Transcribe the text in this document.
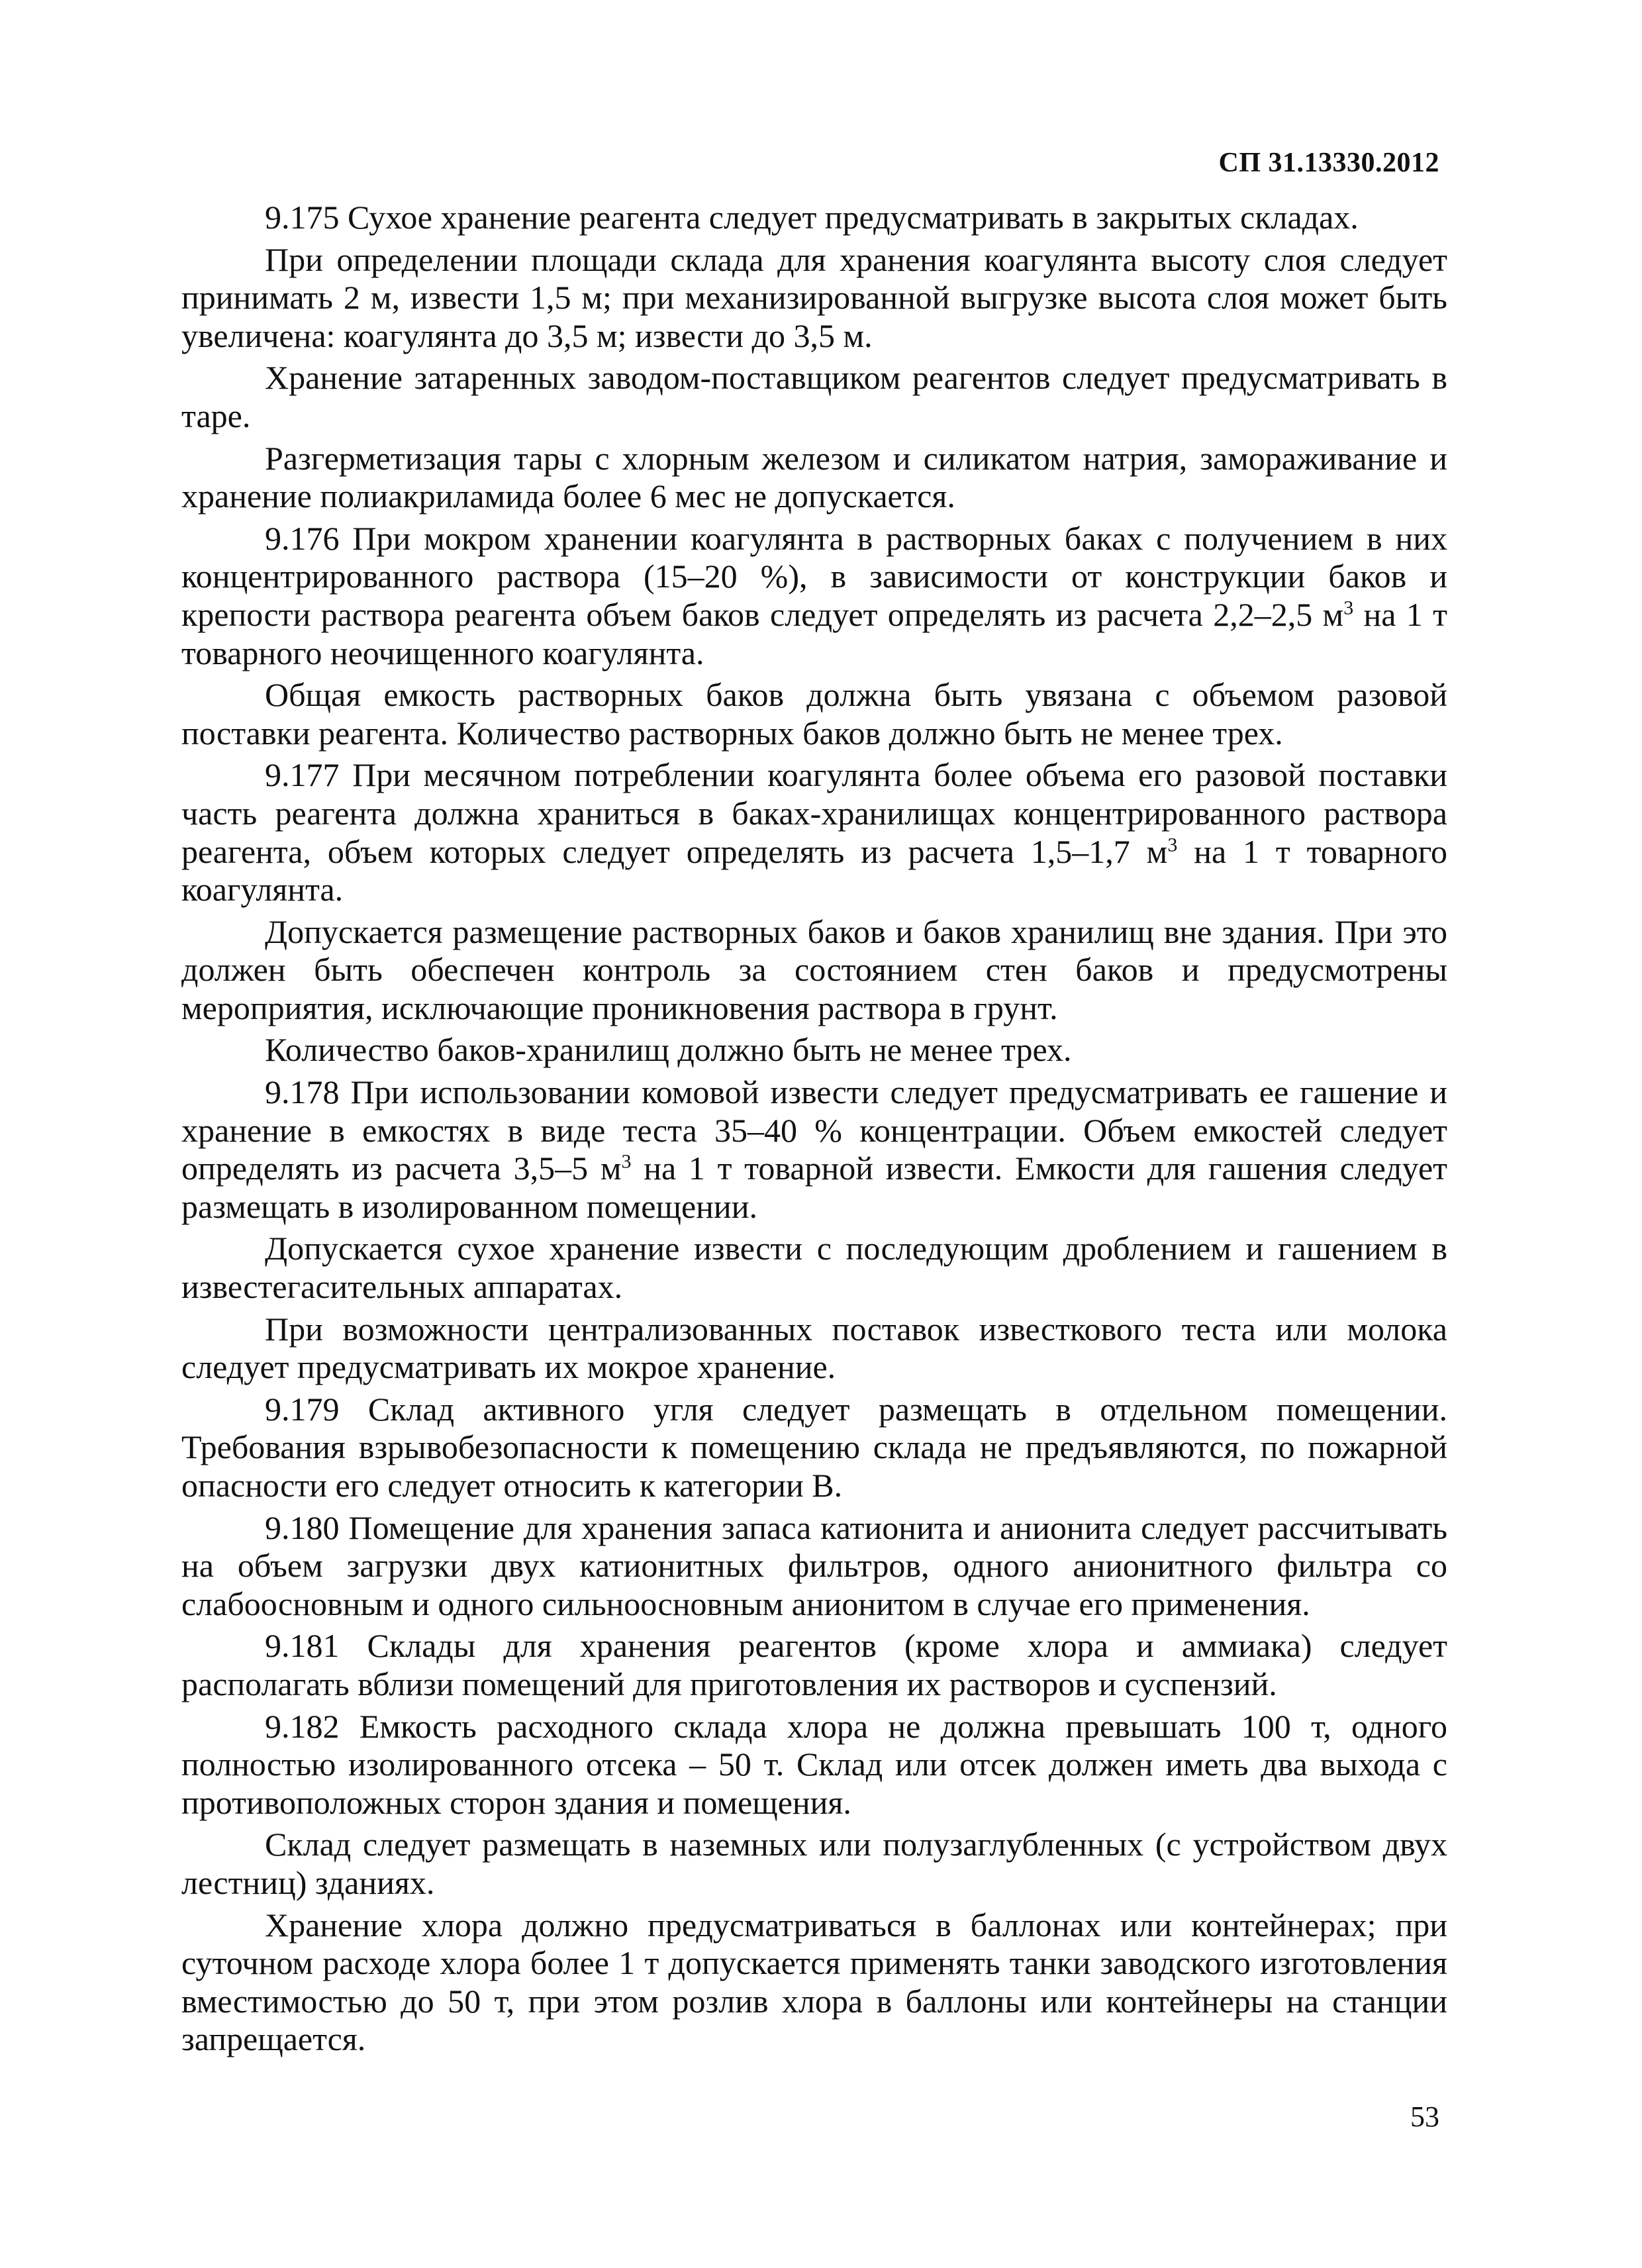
СП 31.13330.2012

9.175 Сухое хранение реагента следует предусматривать в закрытых складах.

При определении площади склада для хранения коагулянта высоту слоя следует принимать 2 м, извести 1,5 м; при механизированной выгрузке высота слоя может быть увеличена: коагулянта до 3,5 м; извести до 3,5 м.

Хранение затаренных заводом-поставщиком реагентов следует предусматривать в таре.

Разгерметизация тары с хлорным железом и силикатом натрия, замораживание и хранение полиакриламида более 6 мес не допускается.

9.176 При мокром хранении коагулянта в растворных баках с получением в них концентрированного раствора (15–20 %), в зависимости от конструкции баков и крепости раствора реагента объем баков следует определять из расчета 2,2–2,5 $м^3$ на 1 т товарного неочищенного коагулянта.

Общая емкость растворных баков должна быть увязана с объемом разовой поставки реагента. Количество растворных баков должно быть не менее трех.

9.177 При месячном потреблении коагулянта более объема его разовой поставки часть реагента должна храниться в баках-хранилищах концентрированного раствора реагента, объем которых следует определять из расчета 1,5–1,7 $м^3$ на 1 т товарного коагулянта.

Допускается размещение растворных баков и баков хранилищ вне здания. При это должен быть обеспечен контроль за состоянием стен баков и предусмотрены мероприятия, исключающие проникновения раствора в грунт.

Количество баков-хранилищ должно быть не менее трех.

9.178 При использовании комовой извести следует предусматривать ее гашение и хранение в емкостях в виде теста 35–40 % концентрации. Объем емкостей следует определять из расчета 3,5–5 $м^3$ на 1 т товарной извести. Емкости для гашения следует размещать в изолированном помещении.

Допускается сухое хранение извести с последующим дроблением и гашением в известегасительных аппаратах.

При возможности централизованных поставок известкового теста или молока следует предусматривать их мокрое хранение.

9.179 Склад активного угля следует размещать в отдельном помещении. Требования взрывобезопасности к помещению склада не предъявляются, по пожарной опасности его следует относить к категории В.

9.180 Помещение для хранения запаса катионита и анионита следует рассчитывать на объем загрузки двух катионитных фильтров, одного анионитного фильтра со слабоосновным и одного сильноосновным анионитом в случае его применения.

9.181 Склады для хранения реагентов (кроме хлора и аммиака) следует располагать вблизи помещений для приготовления их растворов и суспензий.

9.182 Емкость расходного склада хлора не должна превышать 100 т, одного полностью изолированного отсека – 50 т. Склад или отсек должен иметь два выхода с противоположных сторон здания и помещения.

Склад следует размещать в наземных или полузаглубленных (с устройством двух лестниц) зданиях.

Хранение хлора должно предусматриваться в баллонах или контейнерах; при суточном расходе хлора более 1 т допускается применять танки заводского изготовления вместимостью до 50 т, при этом розлив хлора в баллоны или контейнеры на станции запрещается.

53
